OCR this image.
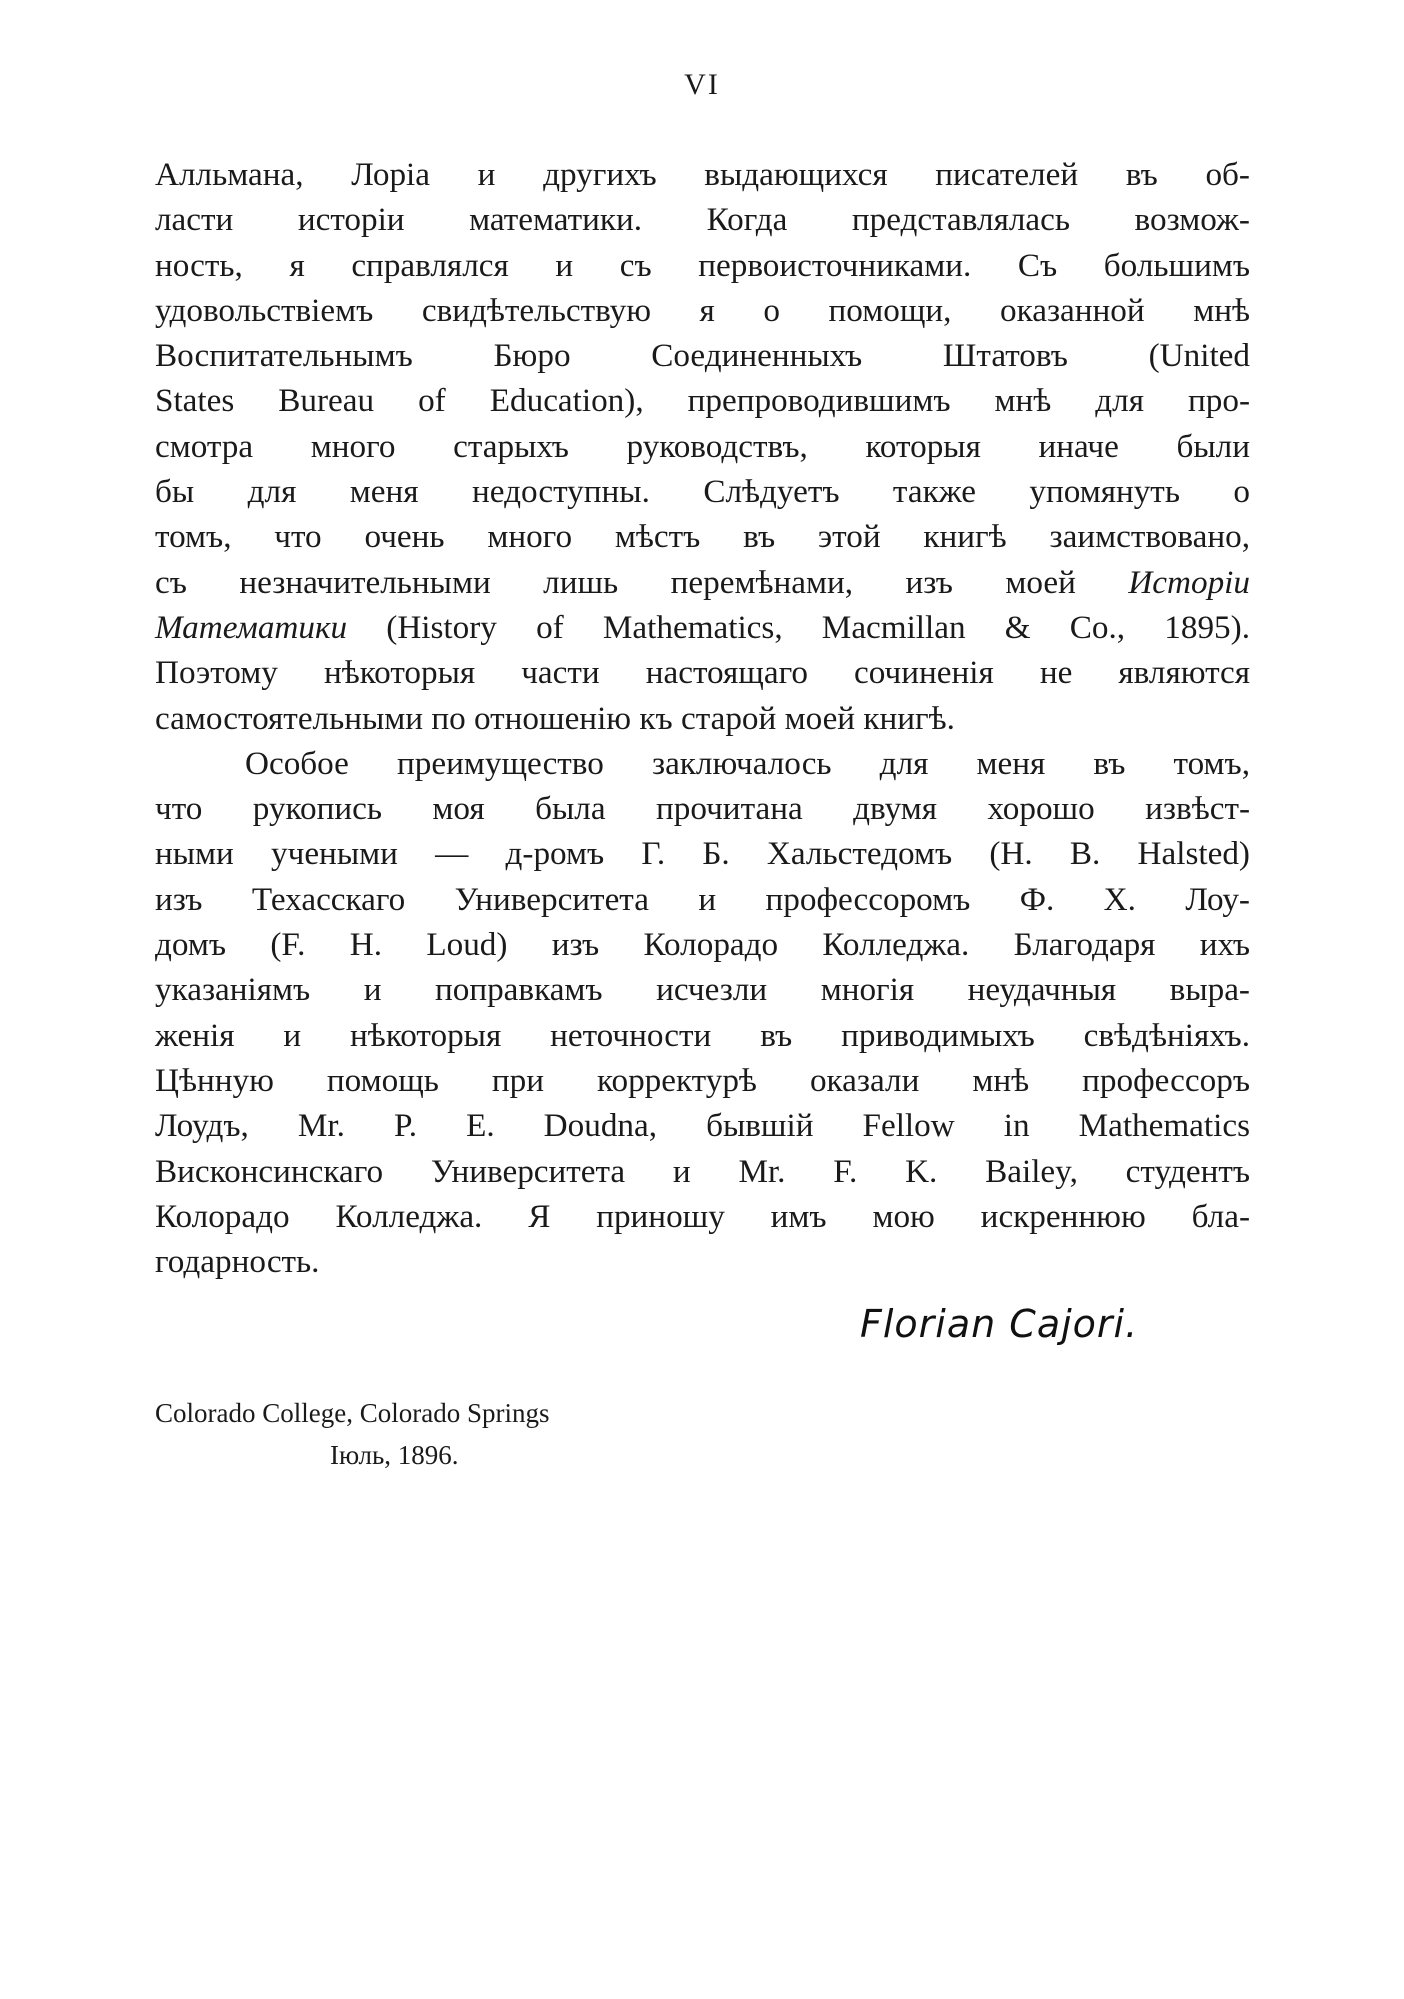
VI
Алльмана, Лорiа и другихъ выдающихся писателей въ об-
ласти исторiи математики. Когда представлялась возмож-
ность, я справлялся и съ первоисточниками. Съ большимъ
удовольствiемъ свидѣтельствую я о помощи, оказанной мнѣ
Воспитательнымъ Бюро Соединенныхъ Штатовъ (United
States Bureau of Education), препроводившимъ мнѣ для про-
смотра много старыхъ руководствъ, которыя иначе были
бы для меня недоступны. Слѣдуетъ также упомянуть о
томъ, что очень много мѣстъ въ этой книгѣ заимствовано,
съ незначительными лишь перемѣнами, изъ моей Исторiи
Математики (History of Mathematics, Macmillan & Co., 1895).
Поэтому нѣкоторыя части настоящаго сочиненiя не являются
самостоятельными по отношенiю къ старой моей книгѣ.
Особое преимущество заключалось для меня въ томъ,
что рукопись моя была прочитана двумя хорошо извѣст-
ными учеными — д-ромъ Г. Б. Хальстедомъ (H. B. Halsted)
изъ Техасскаго Университета и профессоромъ Ф. Х. Лоу-
домъ (F. H. Loud) изъ Колорадо Колледжа. Благодаря ихъ
указанiямъ и поправкамъ исчезли многiя неудачныя выра-
женiя и нѣкоторыя неточности въ приводимыхъ свѣдѣнiяхъ.
Цѣнную помощь при корректурѣ оказали мнѣ профессоръ
Лоудъ, Mr. P. E. Doudna, бывшiй Fellow in Mathematics
Висконсинскаго Университета и Mr. F. K. Bailey, студентъ
Колорадо Колледжа. Я приношу имъ мою искреннюю бла-
годарность.
Florian Cajori.
Colorado College, Colorado Springs
Iюль, 1896.
